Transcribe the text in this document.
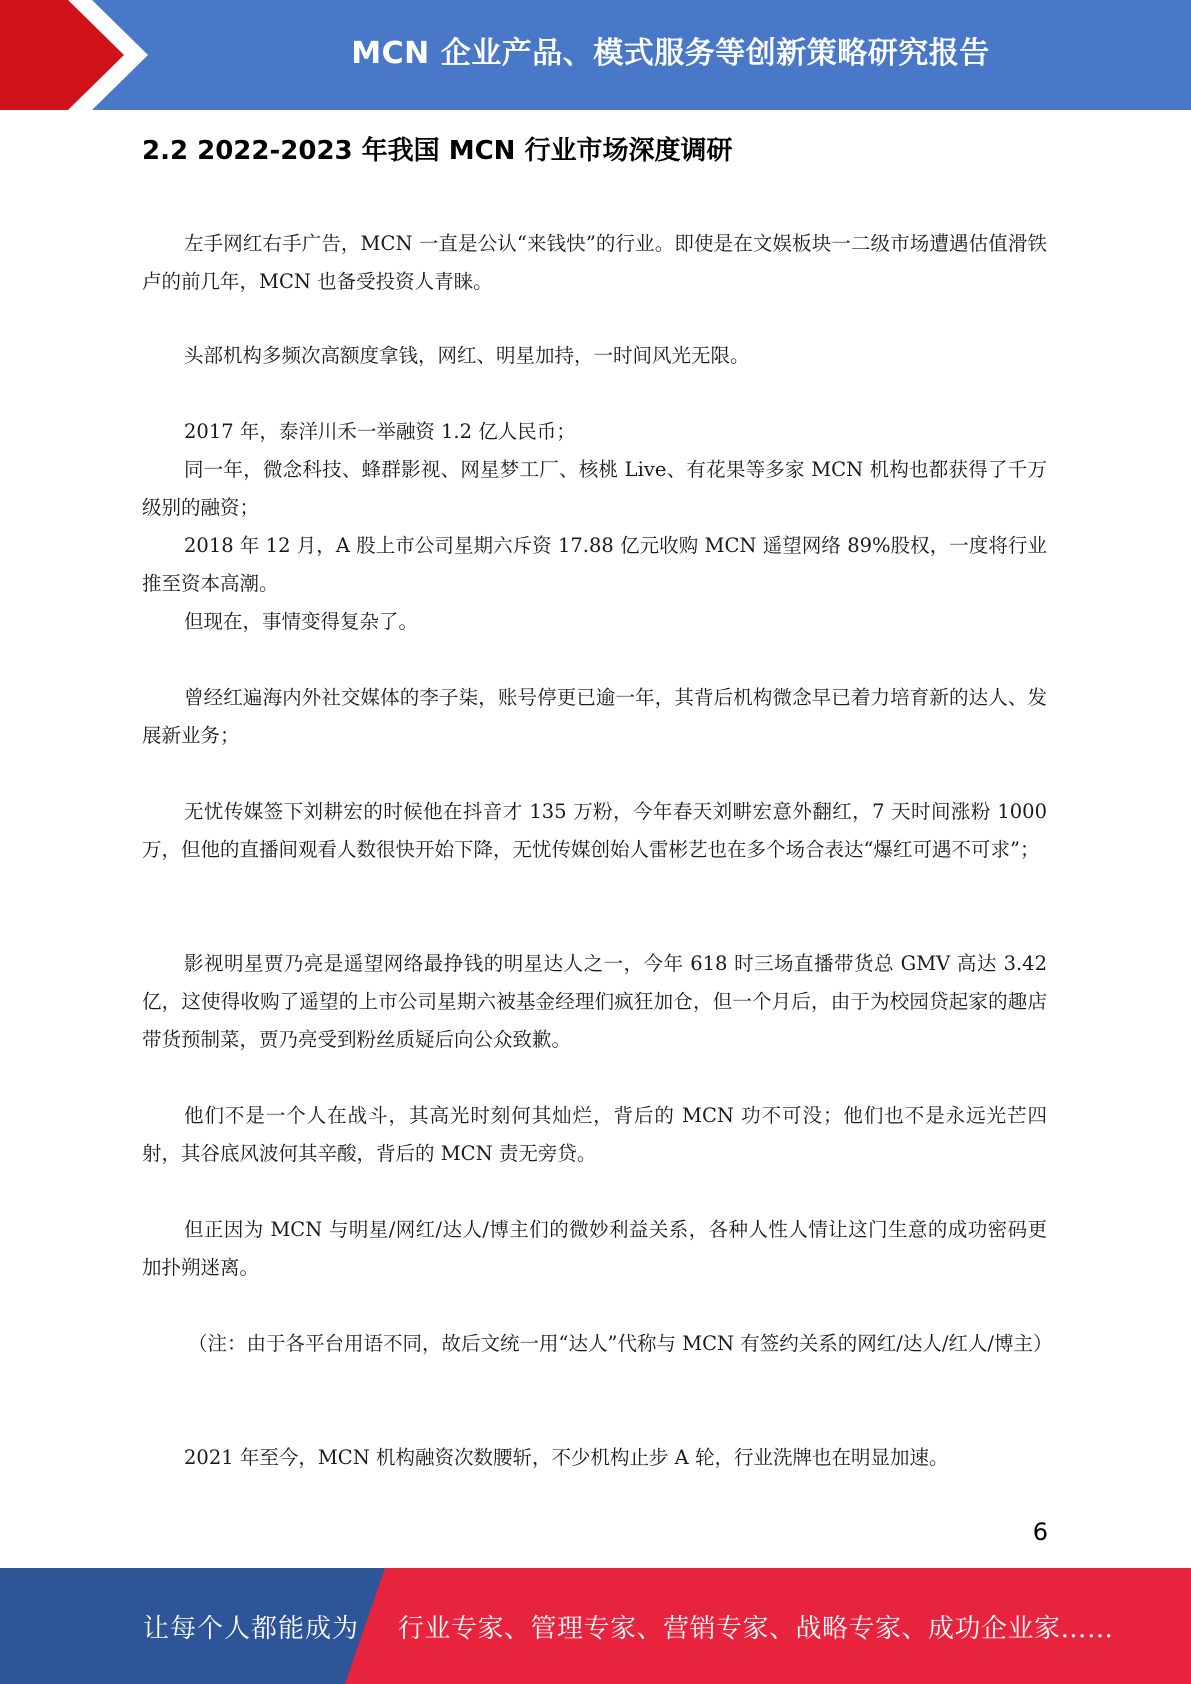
MCN 企业产品、模式服务等创新策略研究报告
2.2 2022-2023 年我国 MCN 行业市场深度调研

左手网红右手广告，MCN 一直是公认“来钱快”的行业。即使是在文娱板块一二级市场遭遇估值滑铁卢的前几年，MCN 也备受投资人青睐。

头部机构多频次高额度拿钱，网红、明星加持，一时间风光无限。

2017 年，泰洋川禾一举融资 1.2 亿人民币；

同一年，微念科技、蜂群影视、网星梦工厂、核桃 Live、有花果等多家 MCN 机构也都获得了千万级别的融资；

2018 年 12 月，A 股上市公司星期六斥资 17.88 亿元收购 MCN 遥望网络 89%股权，一度将行业推至资本高潮。

但现在，事情变得复杂了。

曾经红遍海内外社交媒体的李子柒，账号停更已逾一年，其背后机构微念早已着力培育新的达人、发展新业务；

无忧传媒签下刘耕宏的时候他在抖音才 135 万粉，今年春天刘畊宏意外翻红，7 天时间涨粉 1000 万，但他的直播间观看人数很快开始下降，无忧传媒创始人雷彬艺也在多个场合表达“爆红可遇不可求”；

影视明星贾乃亮是遥望网络最挣钱的明星达人之一，今年 618 时三场直播带货总 GMV 高达 3.42 亿，这使得收购了遥望的上市公司星期六被基金经理们疯狂加仓，但一个月后，由于为校园贷起家的趣店带货预制菜，贾乃亮受到粉丝质疑后向公众致歉。

他们不是一个人在战斗，其高光时刻何其灿烂，背后的 MCN 功不可没；他们也不是永远光芒四射，其谷底风波何其辛酸，背后的 MCN 责无旁贷。

但正因为 MCN 与明星/网红/达人/博主们的微妙利益关系，各种人性人情让这门生意的成功密码更加扑朔迷离。

（注：由于各平台用语不同，故后文统一用“达人”代称与 MCN 有签约关系的网红/达人/红人/博主）

2021 年至今，MCN 机构融资次数腰斩，不少机构止步 A 轮，行业洗牌也在明显加速。

6
让每个人都能成为 行业专家、管理专家、营销专家、战略专家、成功企业家……
